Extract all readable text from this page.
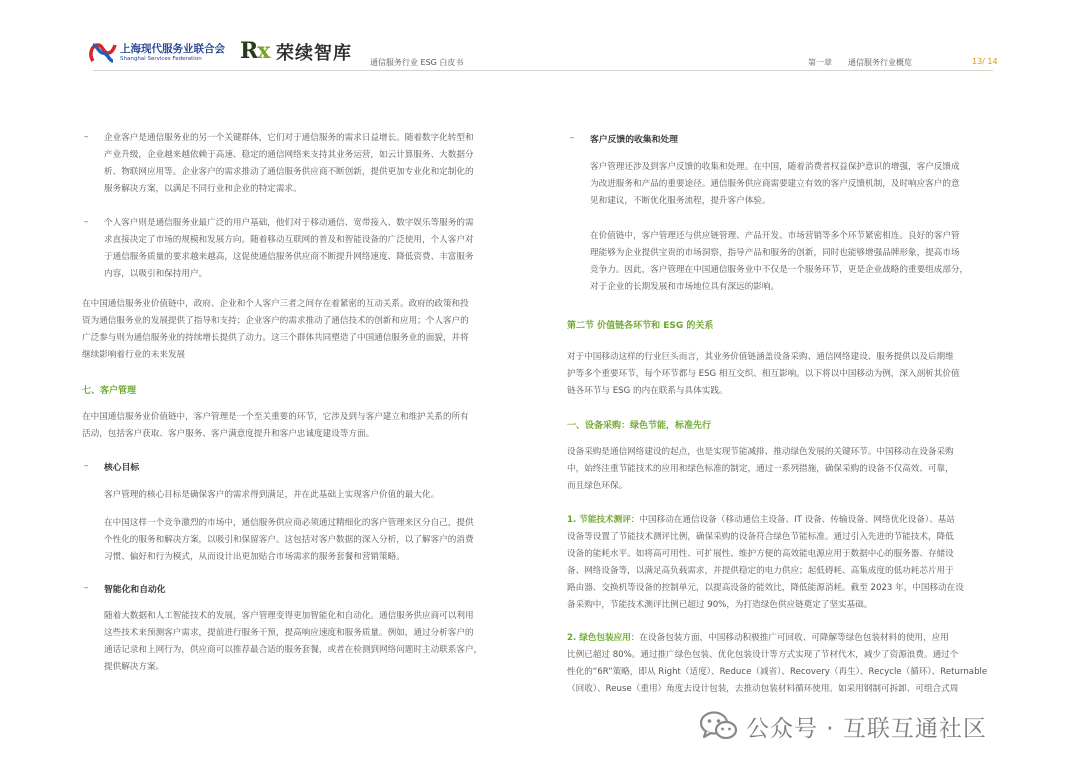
上海现代服务业联合会
Shanghai Services Federation Rx 荣续智库 通信服务行业 ESG 白皮书	第一章 通信服务行业概览	13/ 14
– 企业客户是通信服务业的另一个关键群体，它们对于通信服务的需求日益增长。随着数字化转型和
产业升级，企业越来越依赖于高速、稳定的通信网络来支持其业务运营，如云计算服务、大数据分
析、物联网应用等。企业客户的需求推动了通信服务供应商不断创新，提供更加专业化和定制化的
服务解决方案，以满足不同行业和企业的特定需求。
– 个人客户则是通信服务业最广泛的用户基础，他们对于移动通信、宽带接入、数字娱乐等服务的需
求直接决定了市场的规模和发展方向。随着移动互联网的普及和智能设备的广泛使用，个人客户对
于通信服务质量的要求越来越高，这促使通信服务供应商不断提升网络速度、降低资费、丰富服务
内容，以吸引和保持用户。
在中国通信服务业价值链中，政府、企业和个人客户三者之间存在着紧密的互动关系。政府的政策和投
资为通信服务业的发展提供了指导和支持；企业客户的需求推动了通信技术的创新和应用；个人客户的
广泛参与则为通信服务业的持续增长提供了动力。这三个群体共同塑造了中国通信服务业的面貌，并将
继续影响着行业的未来发展
七、客户管理
在中国通信服务业价值链中，客户管理是一个至关重要的环节，它涉及到与客户建立和维护关系的所有
活动，包括客户获取、客户服务、客户满意度提升和客户忠诚度建设等方面。
– 核心目标
客户管理的核心目标是确保客户的需求得到满足，并在此基础上实现客户价值的最大化。
在中国这样一个竞争激烈的市场中，通信服务供应商必须通过精细化的客户管理来区分自己，提供
个性化的服务和解决方案，以吸引和保留客户。这包括对客户数据的深入分析，以了解客户的消费
习惯、偏好和行为模式，从而设计出更加贴合市场需求的服务套餐和营销策略。
– 智能化和自动化
随着大数据和人工智能技术的发展，客户管理变得更加智能化和自动化。通信服务供应商可以利用
这些技术来预测客户需求，提前进行服务干预，提高响应速度和服务质量。例如，通过分析客户的
通话记录和上网行为，供应商可以推荐最合适的服务套餐，或者在检测到网络问题时主动联系客户，
提供解决方案。
– 客户反馈的收集和处理
客户管理还涉及到客户反馈的收集和处理。在中国，随着消费者权益保护意识的增强，客户反馈成
为改进服务和产品的重要途径。通信服务供应商需要建立有效的客户反馈机制，及时响应客户的意
见和建议，不断优化服务流程，提升客户体验。
在价值链中，客户管理还与供应链管理、产品开发、市场营销等多个环节紧密相连。良好的客户管
理能够为企业提供宝贵的市场洞察，指导产品和服务的创新，同时也能够增强品牌形象，提高市场
竞争力。因此，客户管理在中国通信服务业中不仅是一个服务环节，更是企业战略的重要组成部分，
对于企业的长期发展和市场地位具有深远的影响。
第二节 价值链各环节和 ESG 的关系
对于中国移动这样的行业巨头而言，其业务价值链涵盖设备采购、通信网络建设、服务提供以及后期维
护等多个重要环节，每个环节都与 ESG 相互交织、相互影响。以下将以中国移动为例，深入剖析其价值
链各环节与 ESG 的内在联系与具体实践。
一、设备采购：绿色节能，标准先行
设备采购是通信网络建设的起点，也是实现节能减排、推动绿色发展的关键环节。中国移动在设备采购
中，始终注重节能技术的应用和绿色标准的制定，通过一系列措施，确保采购的设备不仅高效、可靠，
而且绿色环保。
1. 节能技术测评：中国移动在通信设备（移动通信主设备、IT 设备、传输设备、网络优化设备）、基站
设备等设置了节能技术测评比例，确保采购的设备符合绿色节能标准。通过引入先进的节能技术，降低
设备的能耗水平。如将高可用性、可扩展性、维护方便的高效能电源应用于数据中心的服务器、存储设
备、网络设备等，以满足高负载需求，并提供稳定的电力供应；起低碍耗、高集成度的低功耗芯片用于
路由器、交换机等设备的控制单元，以提高设备的能效比，降低能源消耗。截至 2023 年，中国移动在设
备采购中，节能技术测评比例已超过 90%，为打造绿色供应链奠定了坚实基础。
2. 绿色包装应用：在设备包装方面，中国移动积极推广可回收、可降解等绿色包装材料的使用，应用
比例已超过 80%。通过推广绿色包装、优化包装设计等方式实现了节材代木，减少了资源浪费。通过个
性化的“6R”策略，即从 Right（适度）、Reduce（减省）、Recovery（再生）、Recycle（循环）、Returnable
（回收）、Reuse（重用）角度去设计包装，去推动包装材料循环使用。如采用钢制可拆卸、可组合式周
公众号 · 互联互通社区
